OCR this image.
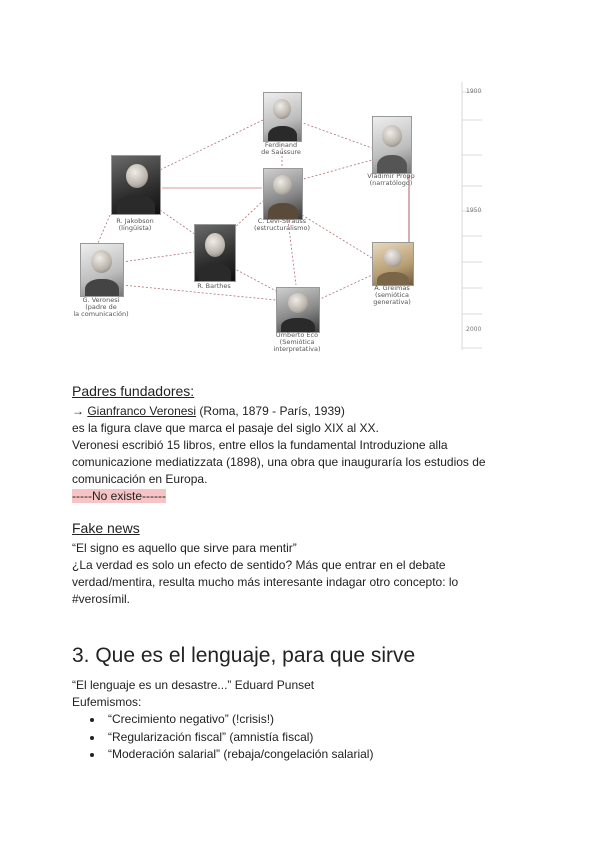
1900
1950
2000
Ferdinand
de Saussure
Vladimir Propp
(narratólogo)
R. Jakobson
(lingüista)
C. Lévi-Strauss
(estructuralismo)
G. Veronesi
(padre de
la comunicación)
R. Barthes	A. Greimas
(semiótica
generativa)
Umberto Eco
(Semiótica
interpretativa)
Padres fundadores:
→ Gianfranco Veronesi (Roma, 1879 - París, 1939)
es la figura clave que marca el pasaje del siglo XIX al XX.
Veronesi escribió 15 libros, entre ellos la fundamental Introduzione alla
comunicazione mediatizzata (1898), una obra que inauguraría los estudios de
comunicación en Europa.
-----No existe------
Fake news
“El signo es aquello que sirve para mentir”
¿La verdad es solo un efecto de sentido? Más que entrar en el debate
verdad/mentira, resulta mucho más interesante indagar otro concepto: lo
#verosímil.
3. Que es el lenguaje, para que sirve
“El lenguaje es un desastre...” Eduard Punset
Eufemismos:
“Crecimiento negativo” (!crisis!)
“Regularización fiscal” (amnistía fiscal)
“Moderación salarial” (rebaja/congelación salarial)
